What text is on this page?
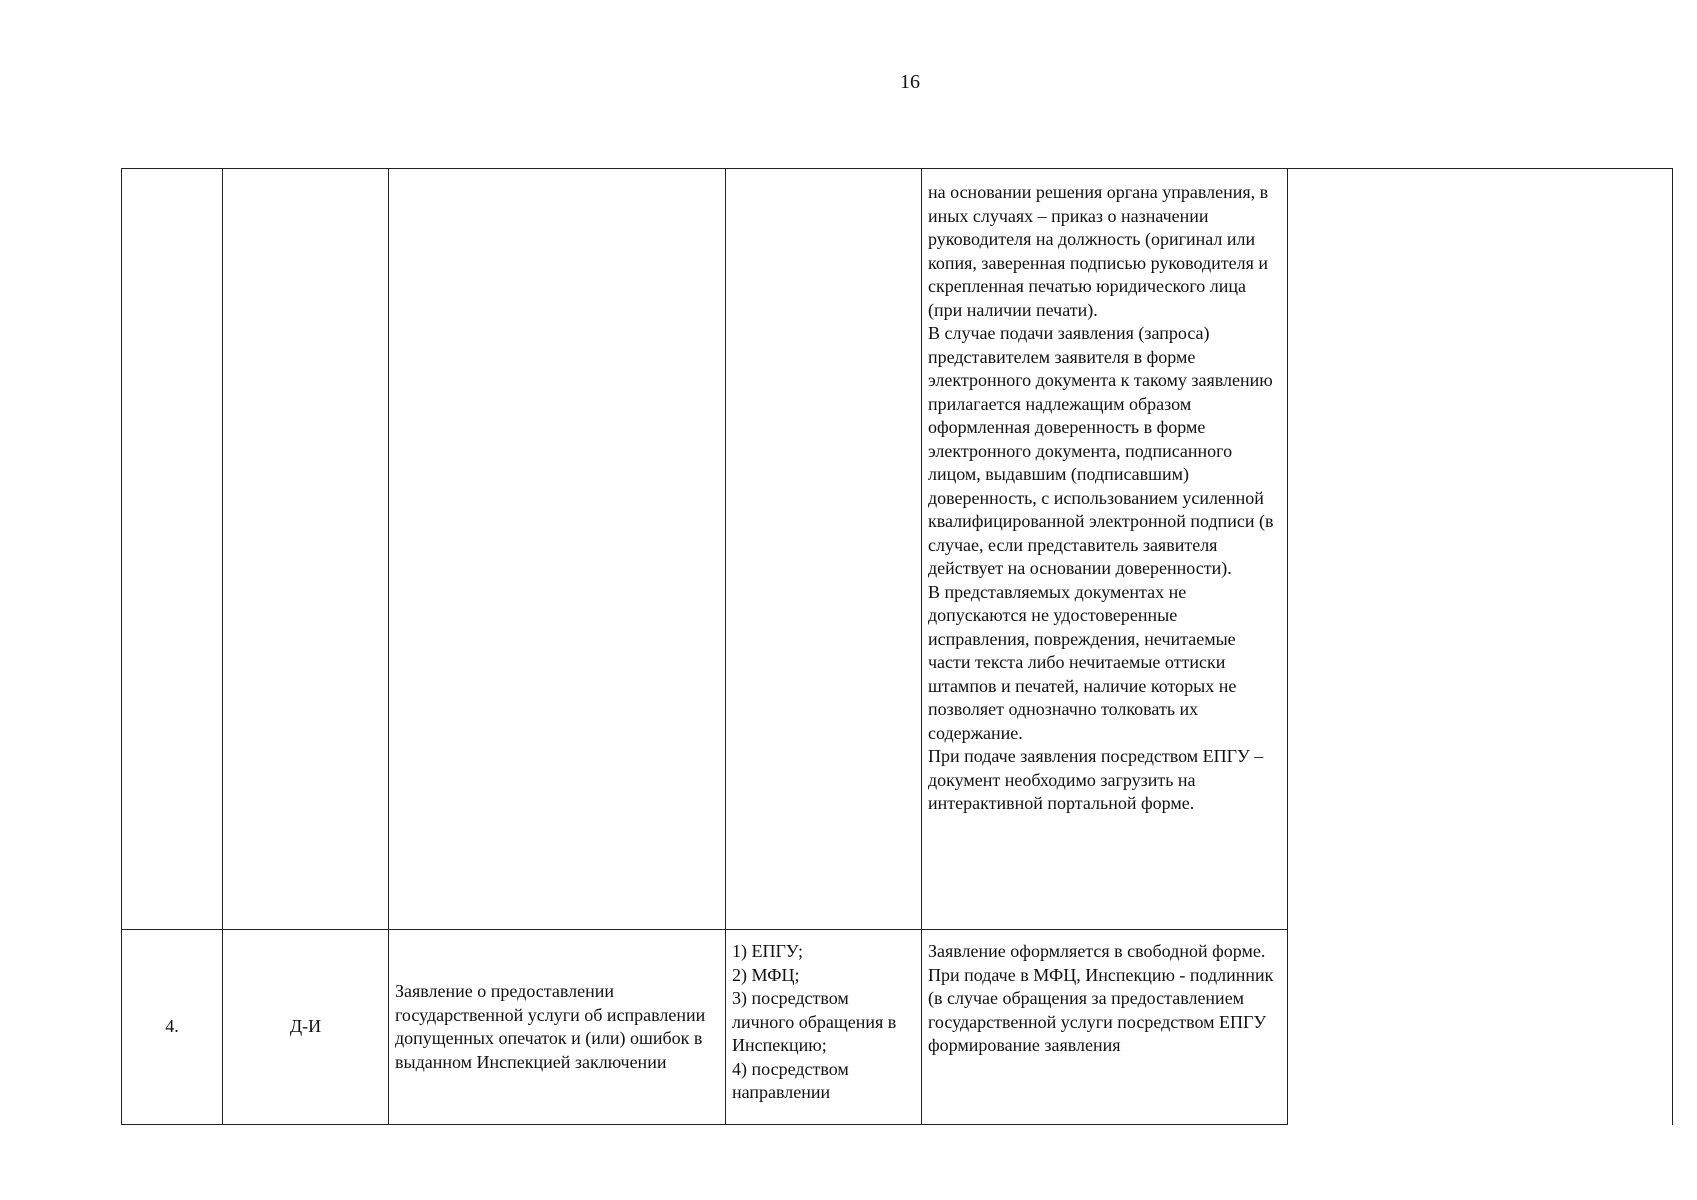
16

				на основании решения органа управления, в иных случаях – приказ о назначении руководителя на должность (оригинал или копия, заверенная подписью руководителя и скрепленная печатью юридического лица (при наличии печати).
В случае подачи заявления (запроса) представителем заявителя в форме электронного документа к такому заявлению прилагается надлежащим образом оформленная доверенность в форме электронного документа, подписанного лицом, выдавшим (подписавшим) доверенность, с использованием усиленной квалифицированной электронной подписи (в случае, если представитель заявителя действует на основании доверенности).
В представляемых документах не допускаются не удостоверенные исправления, повреждения, нечитаемые части текста либо нечитаемые оттиски штампов и печатей, наличие которых не позволяет однозначно толковать их содержание.
При подаче заявления посредством ЕПГУ – документ необходимо загрузить на интерактивной портальной форме.	

4.	Д-И	Заявление о предоставлении государственной услуги об исправлении допущенных опечаток и (или) ошибок в выданном Инспекцией заключении	1) ЕПГУ;
2) МФЦ;
3) посредством личного обращения в Инспекцию;
4) посредством направлении	Заявление оформляется в свободной форме.
При подаче в МФЦ, Инспекцию - подлинник (в случае обращения за предоставлением государственной услуги посредством ЕПГУ формирование заявления	
